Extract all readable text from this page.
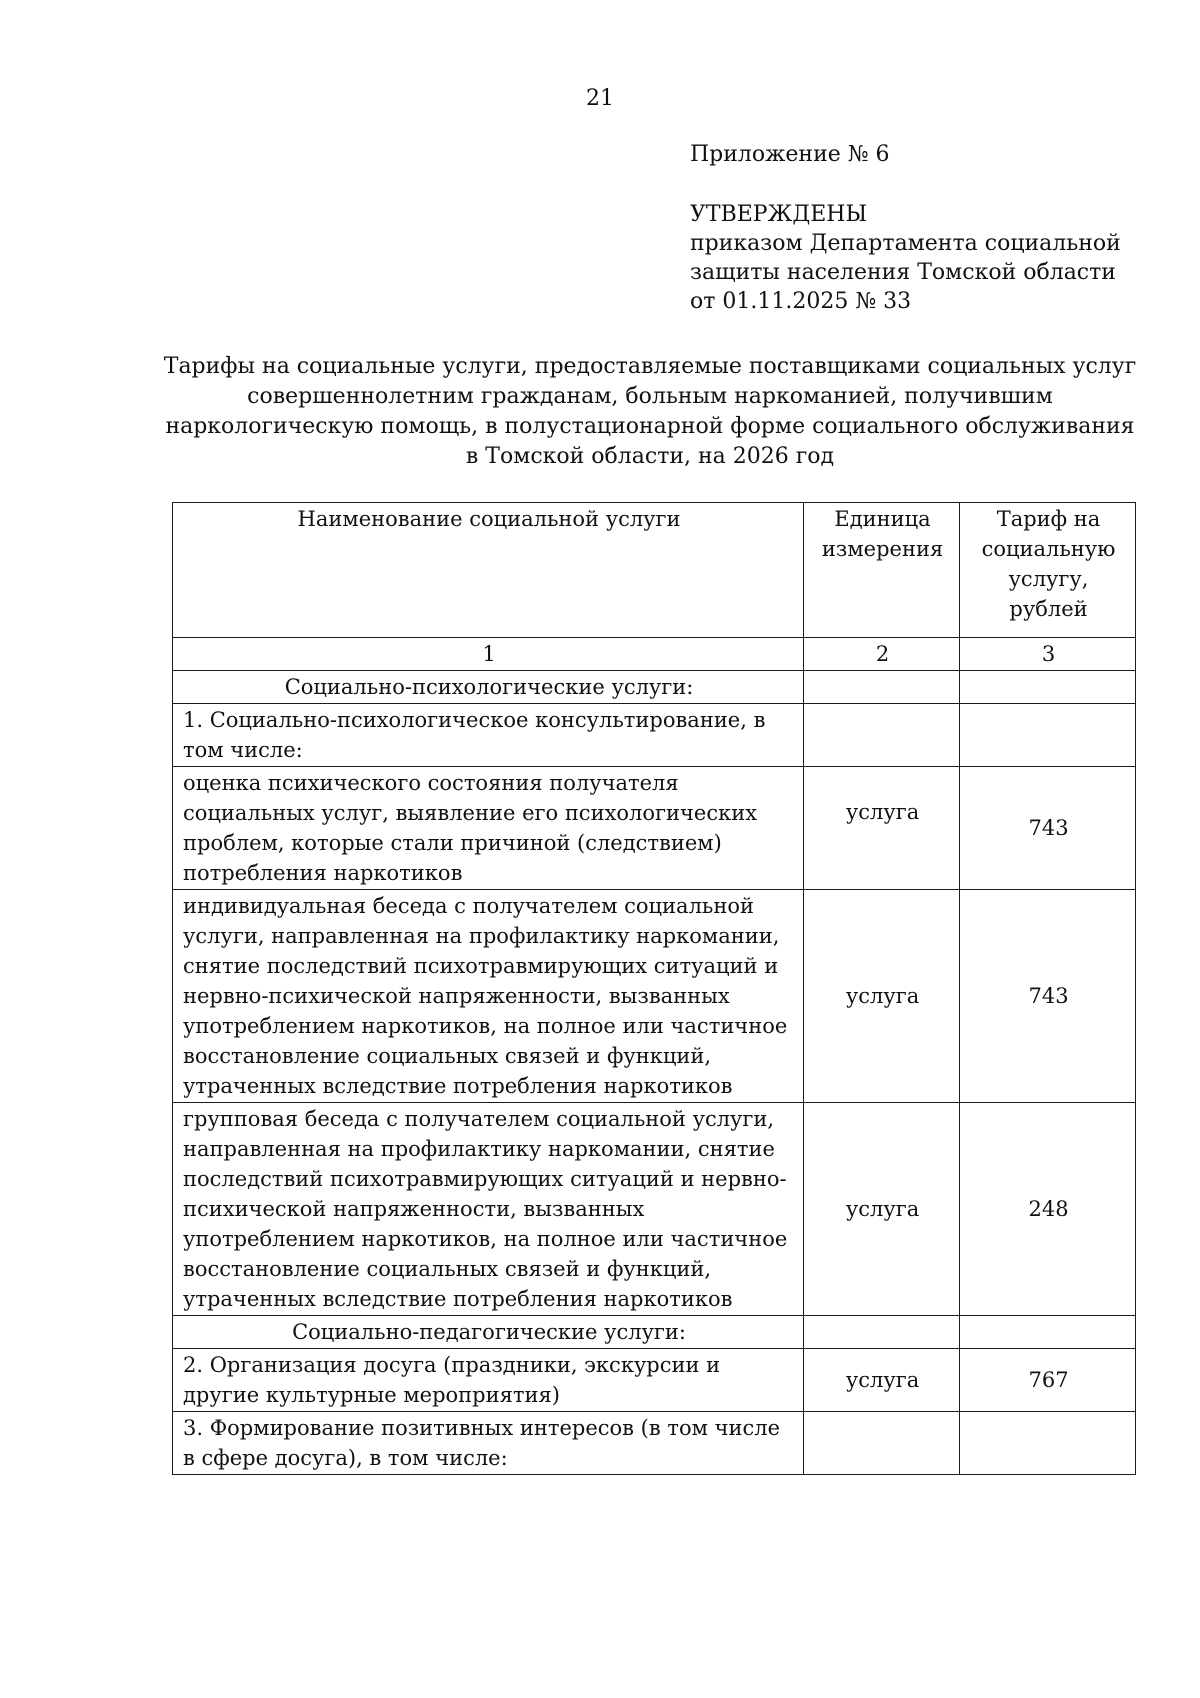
21
Приложение № 6
УТВЕРЖДЕНЫ
приказом Департамента социальной
защиты населения Томской области
от 01.11.2025 № 33
Тарифы на социальные услуги, предоставляемые поставщиками социальных услуг
совершеннолетним гражданам, больным наркоманией, получившим
наркологическую помощь, в полустационарной форме социального обслуживания
в Томской области, на 2026 год
Наименование социальной услуги	Единица измерения	Тариф на социальную услугу, рублей
1	2	3
Социально-психологические услуги:		
1. Социально-психологическое консультирование, в том числе:		
оценка психического состояния получателя социальных услуг, выявление его психологических проблем, которые стали причиной (следствием) потребления наркотиков	услуга	743
индивидуальная беседа с получателем социальной услуги, направленная на профилактику наркомании, снятие последствий психотравмирующих ситуаций и нервно-психической напряженности, вызванных употреблением наркотиков, на полное или частичное восстановление социальных связей и функций, утраченных вследствие потребления наркотиков	услуга	743
групповая беседа с получателем социальной услуги, направленная на профилактику наркомании, снятие последствий психотравмирующих ситуаций и нервно-психической напряженности, вызванных употреблением наркотиков, на полное или частичное восстановление социальных связей и функций, утраченных вследствие потребления наркотиков	услуга	248
Социально-педагогические услуги:		
2. Организация досуга (праздники, экскурсии и другие культурные мероприятия)	услуга	767
3. Формирование позитивных интересов (в том числе в сфере досуга), в том числе:		
